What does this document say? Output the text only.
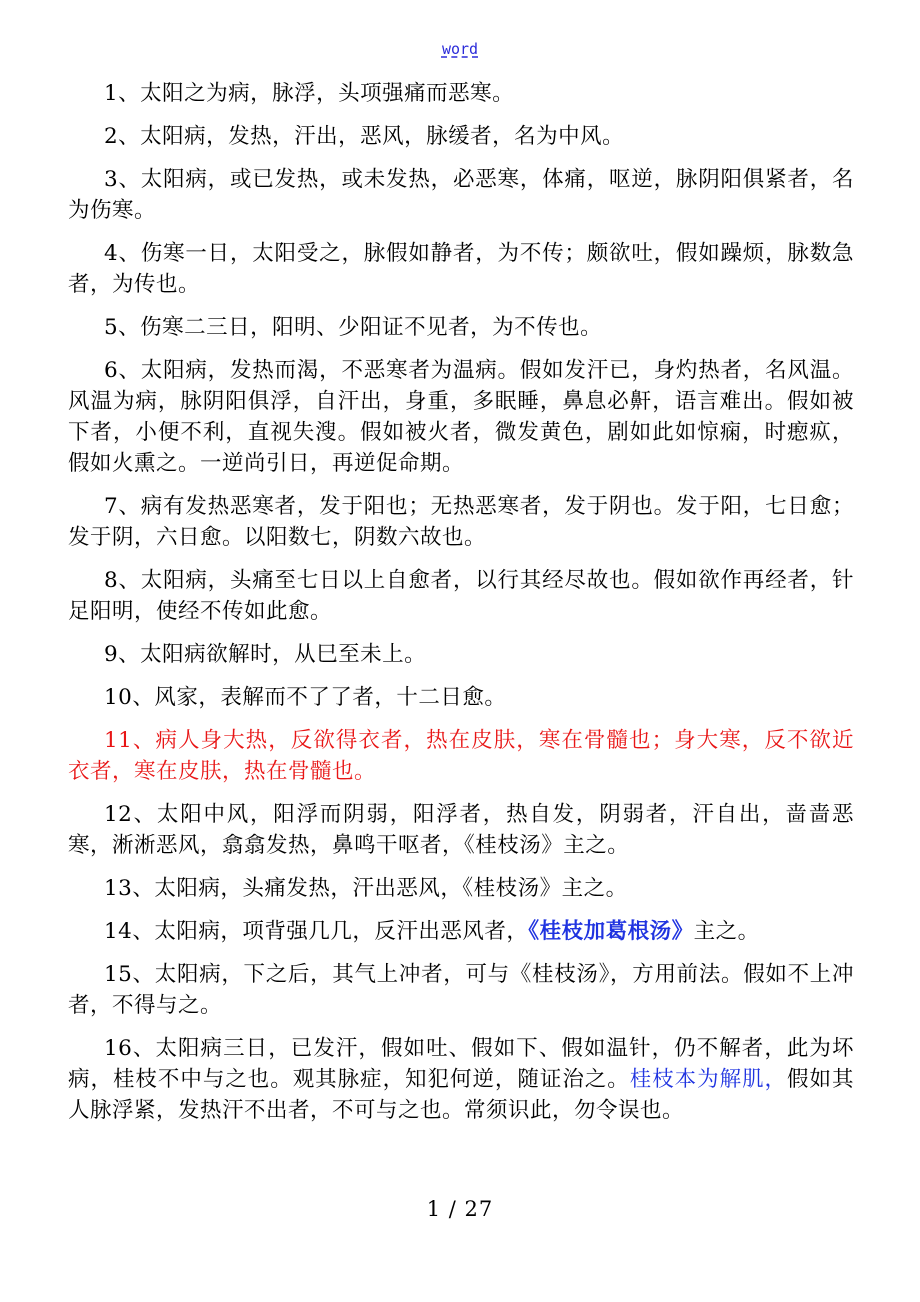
word

1、太阳之为病，脉浮，头项强痛而恶寒。

2、太阳病，发热，汗出，恶风，脉缓者，名为中风。

3、太阳病，或已发热，或未发热，必恶寒，体痛，呕逆，脉阴阳俱紧者，名为伤寒。

4、伤寒一日，太阳受之，脉假如静者，为不传；颇欲吐，假如躁烦，脉数急者，为传也。

5、伤寒二三日，阳明、少阳证不见者，为不传也。

6、太阳病，发热而渴，不恶寒者为温病。假如发汗已，身灼热者，名风温。风温为病，脉阴阳俱浮，自汗出，身重，多眠睡，鼻息必鼾，语言难出。假如被下者，小便不利，直视失溲。假如被火者，微发黄色，剧如此如惊痫，时瘛疭，假如火熏之。一逆尚引日，再逆促命期。

7、病有发热恶寒者，发于阳也；无热恶寒者，发于阴也。发于阳，七日愈；发于阴，六日愈。以阳数七，阴数六故也。

8、太阳病，头痛至七日以上自愈者，以行其经尽故也。假如欲作再经者，针足阳明，使经不传如此愈。

9、太阳病欲解时，从巳至未上。

10、风家，表解而不了了者，十二日愈。

11、病人身大热，反欲得衣者，热在皮肤，寒在骨髓也；身大寒，反不欲近衣者，寒在皮肤，热在骨髓也。

12、太阳中风，阳浮而阴弱，阳浮者，热自发，阴弱者，汗自出，啬啬恶寒，淅淅恶风，翕翕发热，鼻鸣干呕者，《桂枝汤》主之。

13、太阳病，头痛发热，汗出恶风，《桂枝汤》主之。

14、太阳病，项背强几几，反汗出恶风者，《桂枝加葛根汤》主之。

15、太阳病，下之后，其气上冲者，可与《桂枝汤》，方用前法。假如不上冲者，不得与之。

16、太阳病三日，已发汗，假如吐、假如下、假如温针，仍不解者，此为坏病，桂枝不中与之也。观其脉症，知犯何逆，随证治之。桂枝本为解肌，假如其人脉浮紧，发热汗不出者，不可与之也。常须识此，勿令误也。

1 / 27
